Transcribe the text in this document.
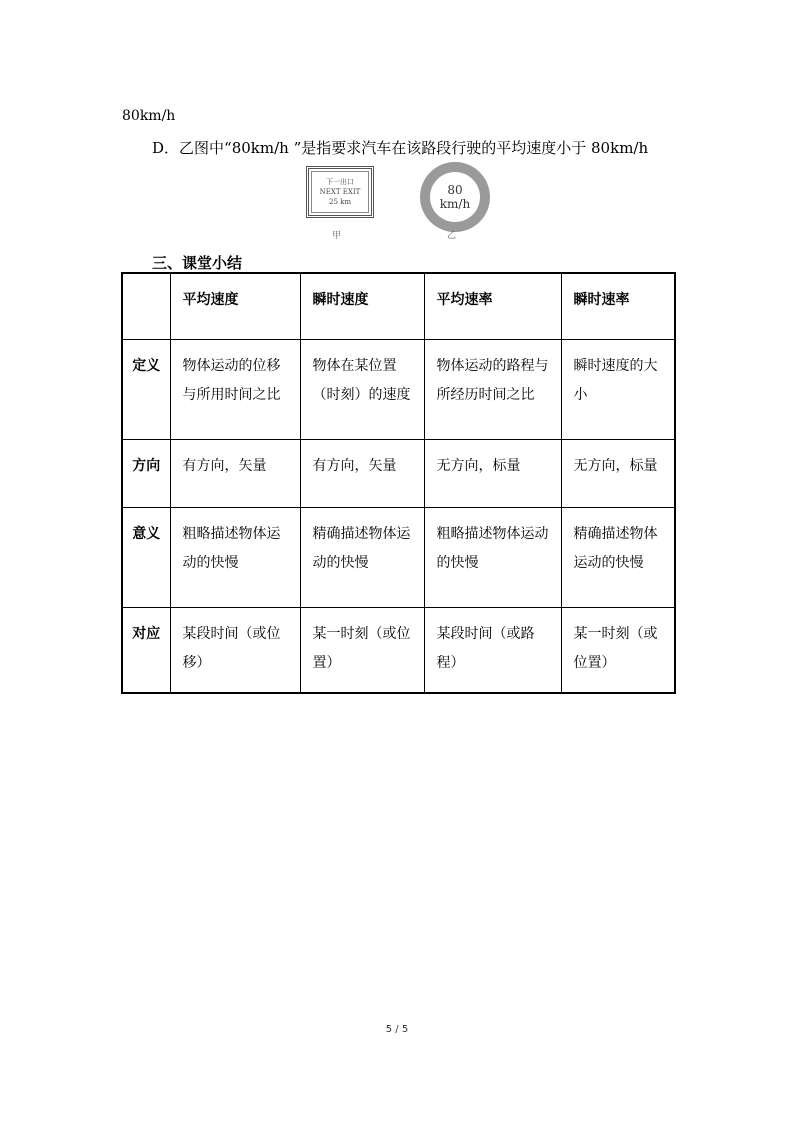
80km/h
D．乙图中“80km/h ”是指要求汽车在该路段行驶的平均速度小于 80km/h
下一出口
NEXT EXIT
25 km
甲
80
km/h
乙
三、课堂小结
	平均速度	瞬时速度	平均速率	瞬时速率
定义	物体运动的位移与所用时间之比	物体在某位置（时刻）的速度	物体运动的路程与所经历时间之比	瞬时速度的大小
方向	有方向，矢量	有方向，矢量	无方向，标量	无方向，标量
意义	粗略描述物体运动的快慢	精确描述物体运动的快慢	粗略描述物体运动的快慢	精确描述物体运动的快慢
对应	某段时间（或位移）	某一时刻（或位置）	某段时间（或路程）	某一时刻（或位置）
5 / 5
